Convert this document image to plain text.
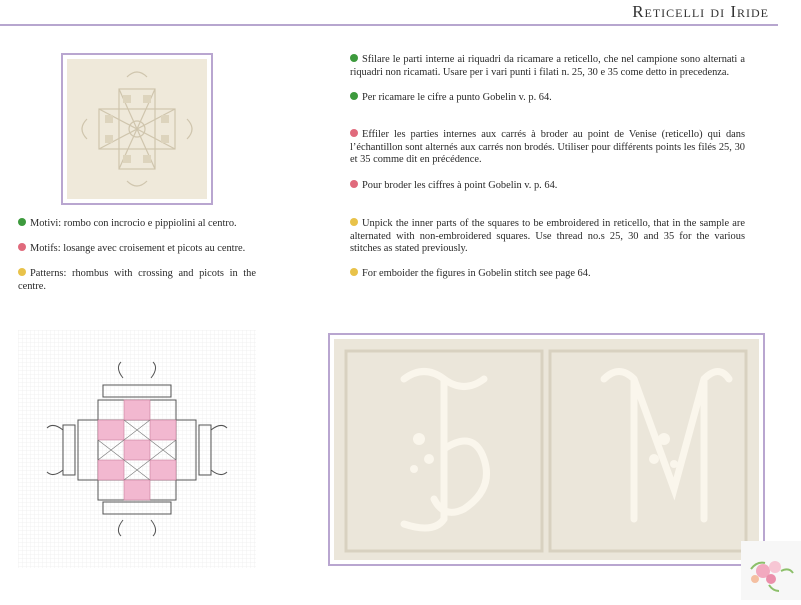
Reticelli di Iride
Motivi: rombo con incrocio e pippiolini al centro.
Motifs: losange avec croisement et picots au centre.
Patterns: rhombus with crossing and picots in the centre.
Sfilare le parti interne ai riquadri da ricamare a reticello, che nel campione sono alternati a riquadri non ricamati. Usare per i vari punti i filati n. 25, 30 e 35 come detto in precedenza.
Per ricamare le cifre a punto Gobelin v. p. 64.
Effiler les parties internes aux carrés à broder au point de Venise (reticello) qui dans l’échantillon sont alternés aux carrés non brodés. Utiliser pour différents points les filés 25, 30 et 35 comme dit en précédence.
Pour broder les ciffres à point Gobelin v. p. 64.
Unpick the inner parts of the squares to be embroidered in reticello, that in the sample are alternated with non-embroidered squares. Use thread no.s 25, 30 and 35 for the various stitches as stated previously.
For emboider the figures in Gobelin stitch see page 64.
